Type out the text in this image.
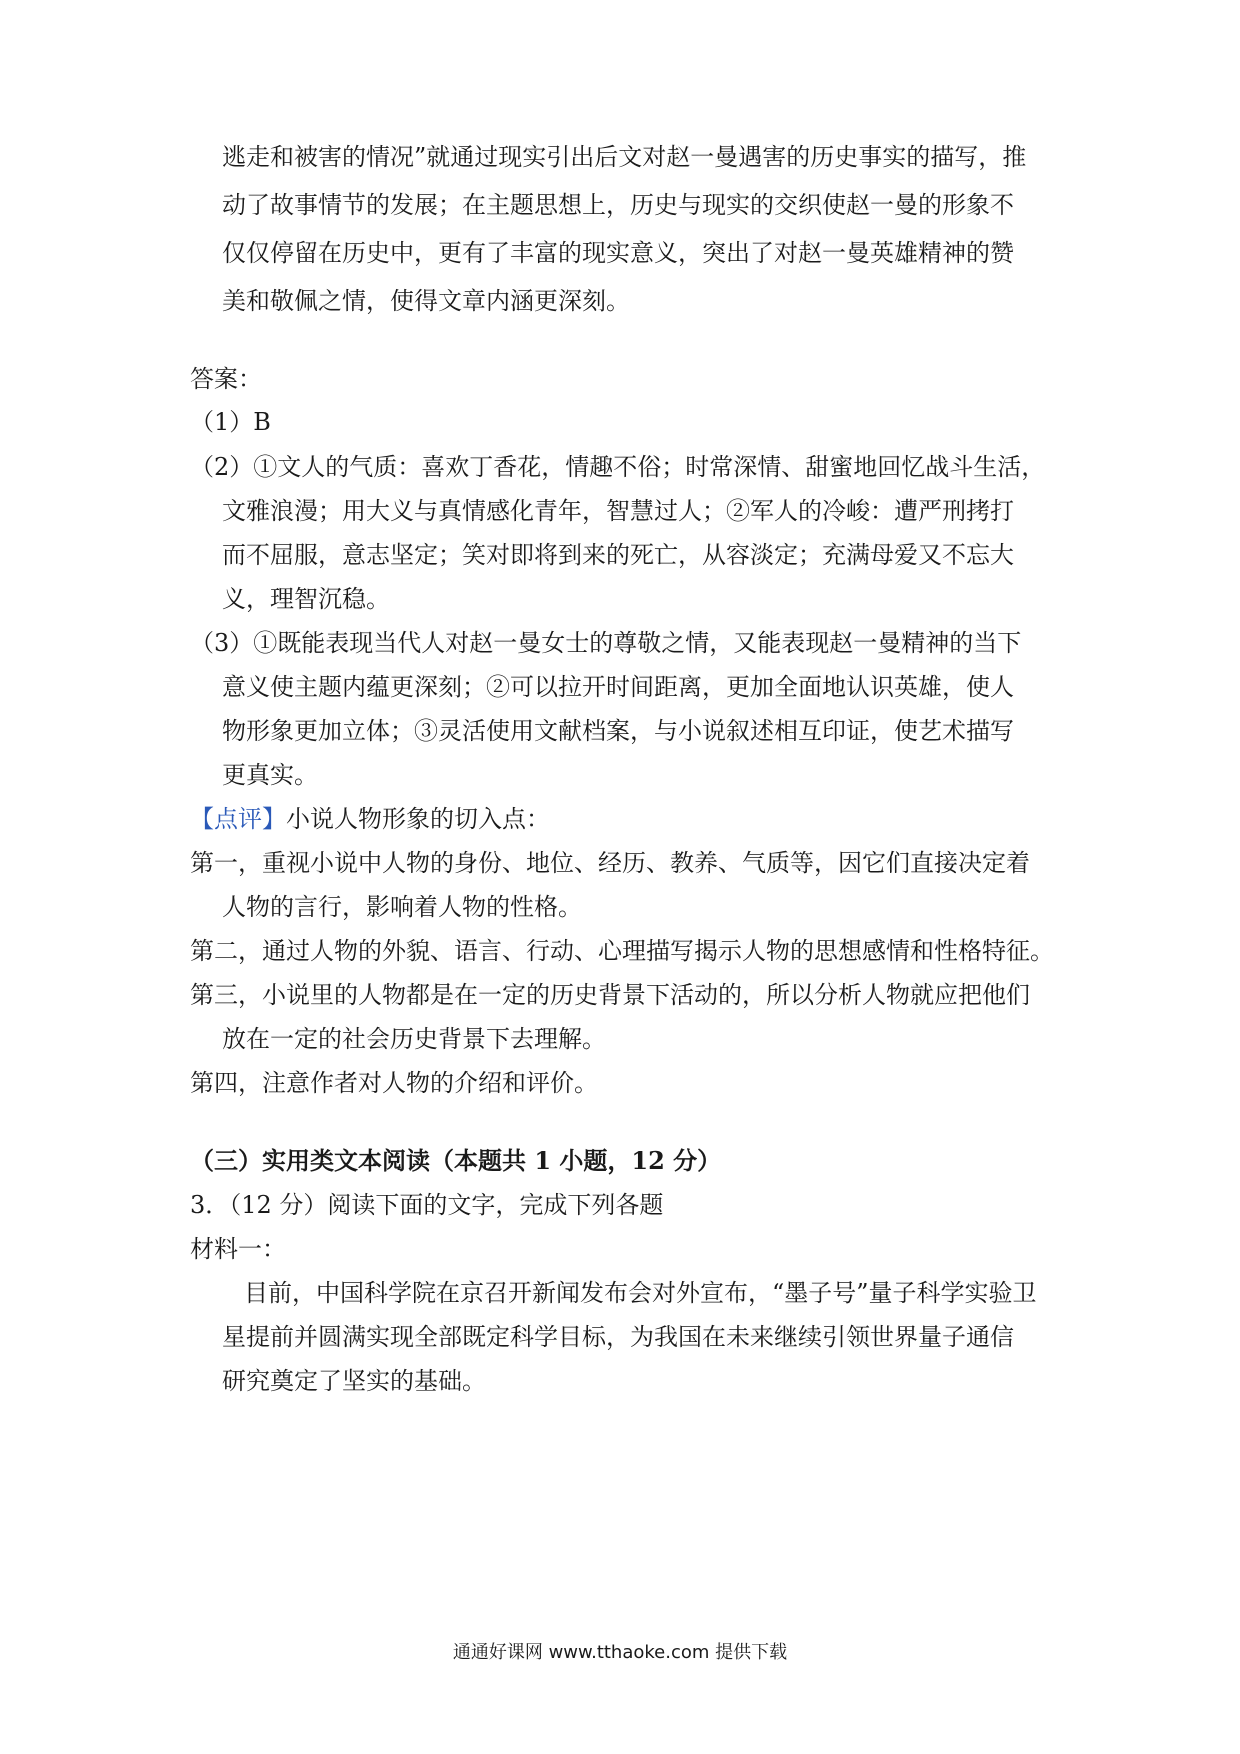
逃走和被害的情况”就通过现实引出后文对赵一曼遇害的历史事实的描写，推
动了故事情节的发展；在主题思想上，历史与现实的交织使赵一曼的形象不
仅仅停留在历史中，更有了丰富的现实意义，突出了对赵一曼英雄精神的赞
美和敬佩之情，使得文章内涵更深刻。
答案：
（1）B
（2）①文人的气质：喜欢丁香花，情趣不俗；时常深情、甜蜜地回忆战斗生活，
文雅浪漫；用大义与真情感化青年，智慧过人；②军人的冷峻：遭严刑拷打
而不屈服，意志坚定；笑对即将到来的死亡，从容淡定；充满母爱又不忘大
义，理智沉稳。
（3）①既能表现当代人对赵一曼女士的尊敬之情，又能表现赵一曼精神的当下
意义使主题内蕴更深刻；②可以拉开时间距离，更加全面地认识英雄，使人
物形象更加立体；③灵活使用文献档案，与小说叙述相互印证，使艺术描写
更真实。
【点评】小说人物形象的切入点：
第一，重视小说中人物的身份、地位、经历、教养、气质等，因它们直接决定着
人物的言行，影响着人物的性格。
第二，通过人物的外貌、语言、行动、心理描写揭示人物的思想感情和性格特征。
第三，小说里的人物都是在一定的历史背景下活动的，所以分析人物就应把他们
放在一定的社会历史背景下去理解。
第四，注意作者对人物的介绍和评价。
（三）实用类文本阅读（本题共 1 小题，12 分）
3．（12 分）阅读下面的文字，完成下列各题
材料一：
目前，中国科学院在京召开新闻发布会对外宣布，“墨子号”量子科学实验卫
星提前并圆满实现全部既定科学目标，为我国在未来继续引领世界量子通信
研究奠定了坚实的基础。
通通好课网 www.tthaoke.com 提供下载
